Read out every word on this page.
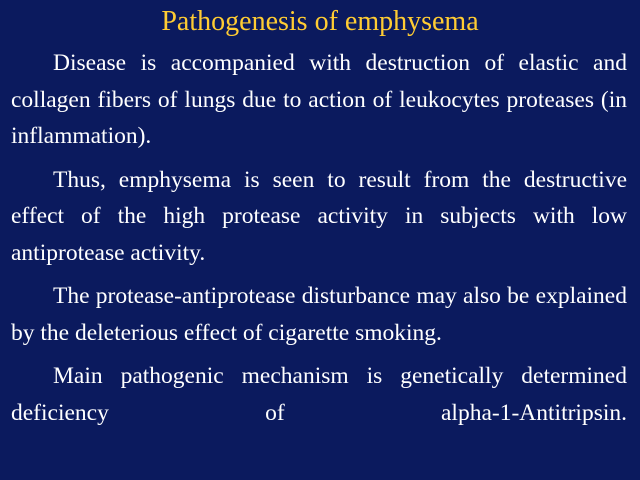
Pathogenesis of emphysema

Disease is accompanied with destruction of elastic and collagen fibers of lungs due to action of leukocytes proteases (in inflammation).

Thus, emphysema is seen to result from the destructive effect of the high protease activity in subjects with low antiprotease activity.

The protease-antiprotease disturbance may also be explained by the deleterious effect of cigarette smoking.

Main pathogenic mechanism is genetically determined deficiency of alpha-1-Antitripsin.
